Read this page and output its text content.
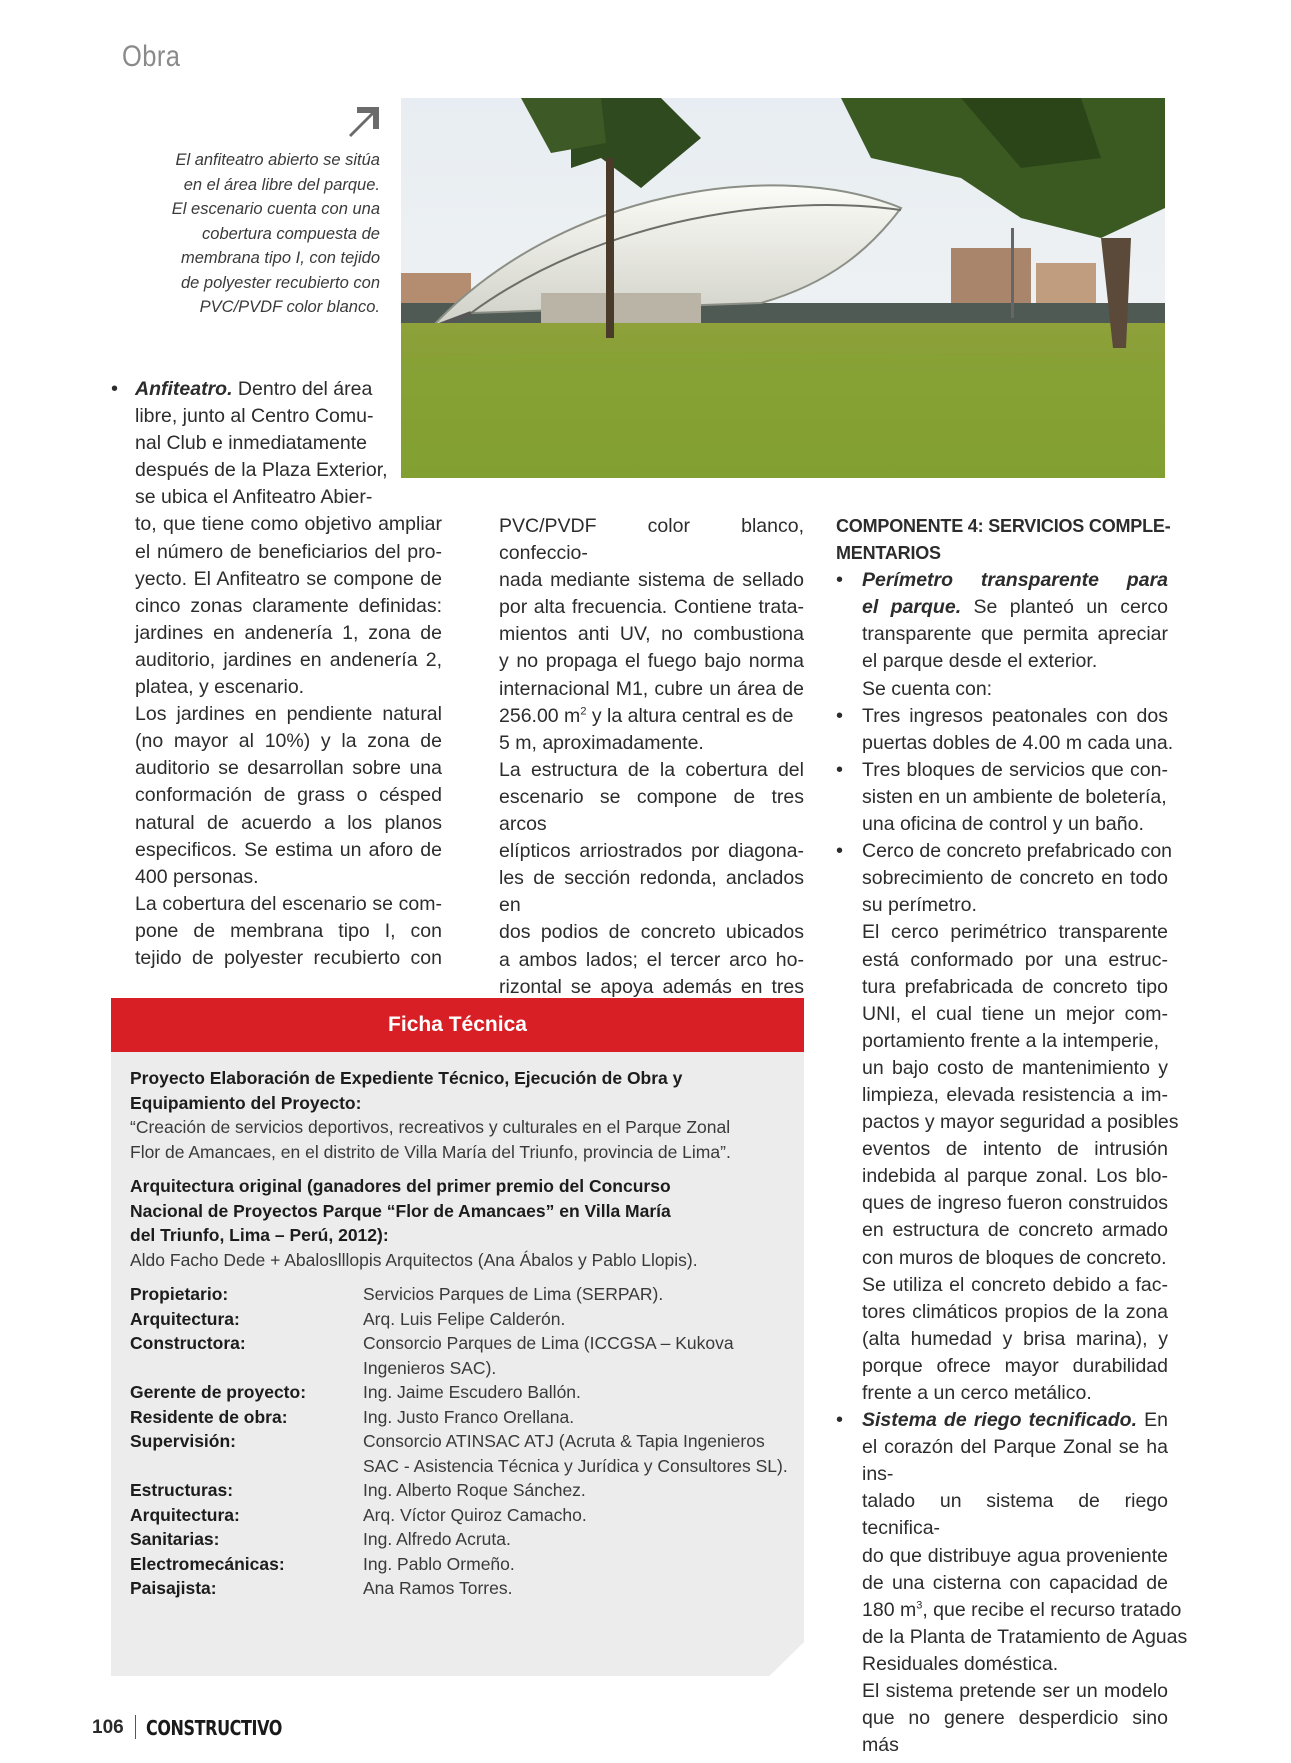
Obra
El anfiteatro abierto se sitúa
en el área libre del parque.
El escenario cuenta con una
cobertura compuesta de
membrana tipo I, con tejido
de polyester recubierto con
PVC/PVDF color blanco.
• Anfiteatro. Dentro del área
libre, junto al Centro Comu-
nal Club e inmediatamente
después de la Plaza Exterior,
se ubica el Anfiteatro Abier-
to, que tiene como objetivo ampliar
el número de beneficiarios del pro-
yecto. El Anfiteatro se compone de
cinco zonas claramente definidas:
jardines en andenería 1, zona de
auditorio, jardines en andenería 2,
platea, y escenario.
Los jardines en pendiente natural
(no mayor al 10%) y la zona de
auditorio se desarrollan sobre una
conformación de grass o césped
natural de acuerdo a los planos
especificos. Se estima un aforo de
400 personas.
La cobertura del escenario se com-
pone de membrana tipo I, con
tejido de polyester recubierto con
PVC/PVDF color blanco, confeccio-
nada mediante sistema de sellado
por alta frecuencia. Contiene trata-
mientos anti UV, no combustiona
y no propaga el fuego bajo norma
internacional M1, cubre un área de
256.00 $m^2$ y la altura central es de
5 m, aproximadamente.
La estructura de la cobertura del
escenario se compone de tres arcos
elípticos arriostrados por diagona-
les de sección redonda, anclados en
dos podios de concreto ubicados
a ambos lados; el tercer arco ho-
rizontal se apoya además en tres
COMPONENTE 4: SERVICIOS COMPLE-
MENTARIOS
• Perímetro transparente para
el parque. Se planteó un cerco
transparente que permita apreciar
el parque desde el exterior.
Se cuenta con:
• Tres ingresos peatonales con dos
puertas dobles de 4.00 m cada una.
• Tres bloques de servicios que con-
sisten en un ambiente de boletería,
una oficina de control y un baño.
• Cerco de concreto prefabricado con
sobrecimiento de concreto en todo
su perímetro.
El cerco perimétrico transparente
está conformado por una estruc-
tura prefabricada de concreto tipo
UNI, el cual tiene un mejor com-
portamiento frente a la intemperie,
un bajo costo de mantenimiento y
limpieza, elevada resistencia a im-
pactos y mayor seguridad a posibles
eventos de intento de intrusión
indebida al parque zonal. Los blo-
ques de ingreso fueron construidos
en estructura de concreto armado
con muros de bloques de concreto.
Se utiliza el concreto debido a fac-
tores climáticos propios de la zona
(alta humedad y brisa marina), y
porque ofrece mayor durabilidad
frente a un cerco metálico.
• Sistema de riego tecnificado. En
el corazón del Parque Zonal se ha ins-
talado un sistema de riego tecnifica-
do que distribuye agua proveniente
de una cisterna con capacidad de
180 $m^3$, que recibe el recurso tratado
de la Planta de Tratamiento de Aguas
Residuales doméstica.
El sistema pretende ser un modelo
que no genere desperdicio sino más
Ficha Técnica
Proyecto Elaboración de Expediente Técnico, Ejecución de Obra y
Equipamiento del Proyecto:
“Creación de servicios deportivos, recreativos y culturales en el Parque Zonal
Flor de Amancaes, en el distrito de Villa María del Triunfo, provincia de Lima”.
Arquitectura original (ganadores del primer premio del Concurso
Nacional de Proyectos Parque “Flor de Amancaes” en Villa María
del Triunfo, Lima – Perú, 2012):
Aldo Facho Dede + Abaloslllopis Arquitectos (Ana Ábalos y Pablo Llopis).
Propietario:	Servicios Parques de Lima (SERPAR).
Arquitectura:	Arq. Luis Felipe Calderón.
Constructora:	Consorcio Parques de Lima (ICCGSA – Kukova Ingenieros SAC).
Gerente de proyecto:	Ing. Jaime Escudero Ballón.
Residente de obra:	Ing. Justo Franco Orellana.
Supervisión:	Consorcio ATINSAC ATJ (Acruta & Tapia Ingenieros SAC - Asistencia Técnica y Jurídica y Consultores SL).
Estructuras:	Ing. Alberto Roque Sánchez.
Arquitectura:	Arq. Víctor Quiroz Camacho.
Sanitarias:	Ing. Alfredo Acruta.
Electromecánicas:	Ing. Pablo Ormeño.
Paisajista:	Ana Ramos Torres.
106 CONSTRUCTIVO
